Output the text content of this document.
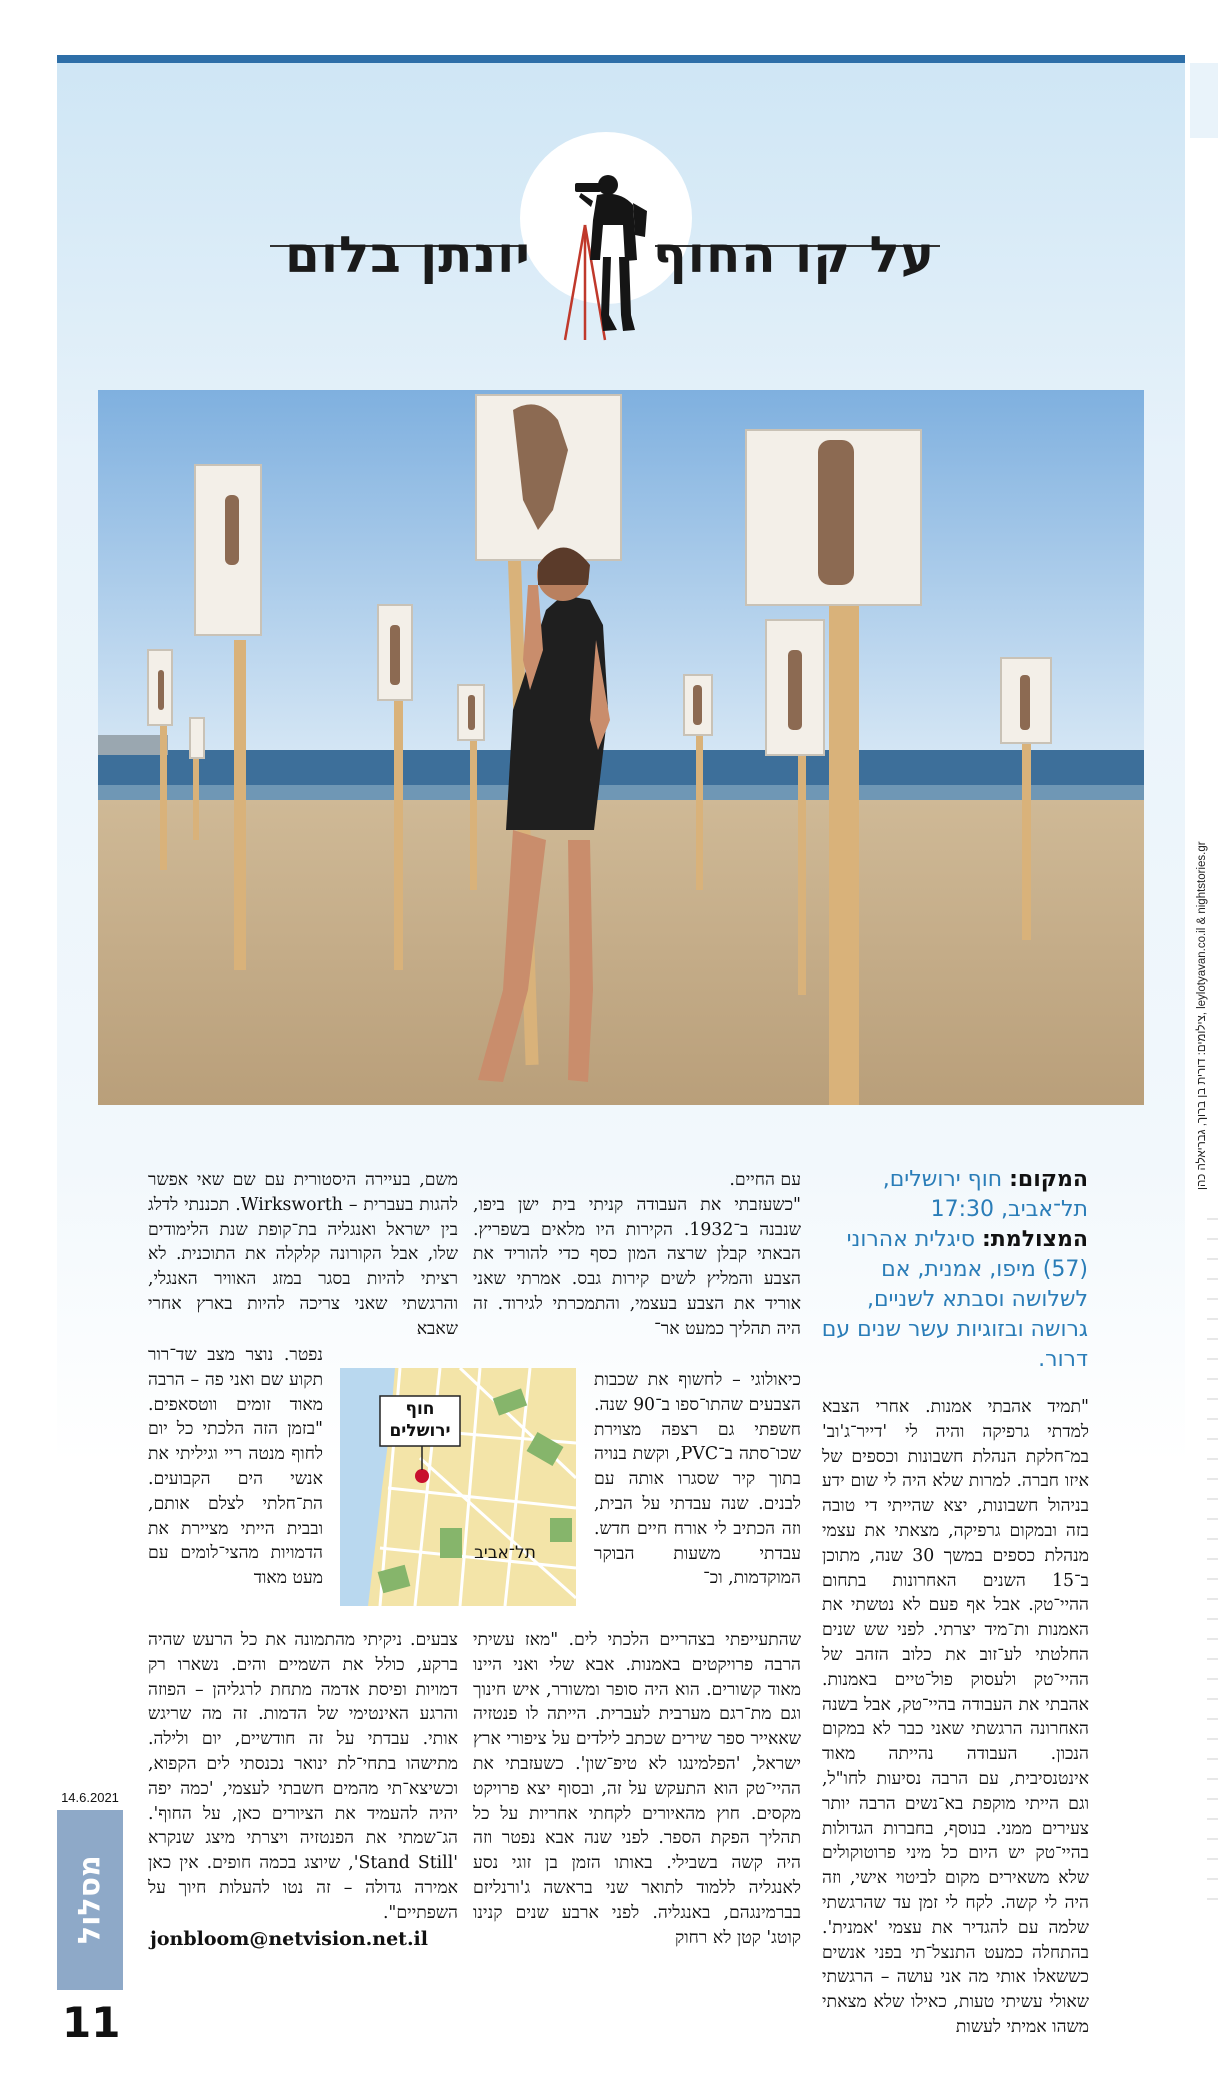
צילומים: דורית בן ברוך, גבריאלה כהן, leylotyavan.co.il & nightstories.gr
יונתן בלום	על קו החוף
המקום: חוף ירושלים, תל־אביב, 17:30
המצולמת: סיגלית אהרוני (57) מיפו, אמנית, אם לשלושה וסבתא לשניים, גרושה ובזוגיות עשר שנים עם דרור.

"תמיד אהבתי אמנות. אחרי הצבא למדתי גרפיקה והיה לי 'דייר־ג'וב' במ־חלקת הנהלת חשבונות וכספים של איזו חברה. למרות שלא היה לי שום ידע בניהול חשבונות, יצא שהייתי די טובה בזה ובמקום גרפיקה, מצאתי את עצמי מנהלת כספים במשך 30 שנה, מתוכן ב־15 השנים האחרונות בתחום ההיי־טק. אבל אף פעם לא נטשתי את האמנות ות־מיד יצרתי. לפני שש שנים החלטתי לע־זוב את כלוב הזהב של ההיי־טק ולעסוק פול־טיים באמנות. אהבתי את העבודה בהיי־טק, אבל בשנה האחרונה הרגשתי שאני כבר לא במקום הנכון. העבודה נהייתה מאוד אינטנסיבית, עם הרבה נסיעות לחו"ל, וגם הייתי מוקפת בא־נשים הרבה יותר צעירים ממני. בנוסף, בחברות הגדולות בהיי־טק יש היום כל מיני פרוטוקולים שלא משאירים מקום לביטוי אישי, וזה היה לי קשה. לקח לי זמן עד שהרגשתי שלמה עם להגדיר את עצמי 'אמנית'. בהתחלה כמעט התנצל־תי בפני אנשים כששאלו אותי מה אני עושה – הרגשתי שאולי עשיתי טעות, כאילו שלא מצאתי משהו אמיתי לעשות

עם החיים.

"כשעזבתי את העבודה קניתי בית ישן ביפו, שנבנה ב־1932. הקירות היו מלאים בשפריץ. הבאתי קבלן שרצה המון כסף כדי להוריד את הצבע והמליץ לשים קירות גבס. אמרתי שאני אוריד את הצבע בעצמי, והתמכרתי לגירוד. זה היה תהליך כמעט אר־

כיאולוגי – לחשוף את שכבות הצבעים שהתו־ספו ב־90 שנה. חשפתי גם רצפה מצוירת שכו־סתה ב־PVC, וקשת בנויה בתוך קיר שסגרו אותה עם לבנים. שנה עבדתי על הבית, וזה הכתיב לי אורח חיים חדש. עבדתי משעות הבוקר המוקדמות, וכ־

שהתעייפתי בצהריים הלכתי לים. "מאז עשיתי הרבה פרויקטים באמנות. אבא שלי ואני היינו מאוד קשורים. הוא היה סופר ומשורר, איש חינוך וגם מת־רגם מערבית לעברית. הייתה לו פנטזיה שאאייר ספר שירים שכתב לילדים על ציפורי ארץ ישראל, 'הפלמינגו לא טיפ־שון'. כשעזבתי את ההיי־טק הוא התעקש על זה, ובסוף יצא פרויקט מקסים. חוץ מהאיורים לקחתי אחריות על כל תהליך הפקת הספר. לפני שנה אבא נפטר וזה היה קשה בשבילי. באותו הזמן בן זוגי נסע לאנגליה ללמוד לתואר שני בראשה ג'ורנליזם בברמינגהם, באנגליה. לפני ארבע שנים קנינו קוטג' קטן לא רחוק

משם, בעיירה היסטורית עם שם שאי אפשר להגות בעברית – Wirksworth. תכננתי לדלג בין ישראל ואנגליה בת־קופת שנת הלימודים שלו, אבל הקורונה קלקלה את התוכנית. לא רציתי להיות בסגר במזג האוויר האנגלי, והרגשתי שאני צריכה להיות בארץ אחרי שאבא

נפטר. נוצר מצב שד־רור תקוע שם ואני פה – הרבה מאוד זומים ווטסאפים. "בזמן הזה הלכתי כל יום לחוף מנטה ריי וגיליתי את אנשי הים הקבועים. הת־חלתי לצלם אותם, ובבית הייתי מציירת את הדמויות מהצי־לומים עם מעט מאוד

צבעים. ניקיתי מהתמונה את כל הרעש שהיה ברקע, כולל את השמיים והים. נשארו רק דמויות ופיסת אדמה מתחת לרגליהן – הפוזה והרגע האינטימי של הדמות. זה מה שריגש אותי. עבדתי על זה חודשיים, יום ולילה. מתישהו בתחי־לת ינואר נכנסתי לים הקפוא, וכשיצא־תי מהמים חשבתי לעצמי, 'כמה יפה יהיה להעמיד את הציורים כאן, על החוף'. הג־שמתי את הפנטזיה ויצרתי מיצג שנקרא 'Stand Still', שיוצג בכמה חופים. אין כאן אמירה גדולה – זה נטו להעלות חיוך על השפתיים".

חוף ירושלים
תל־אביב
14.6.2021
מסלול
11
jonbloom@netvision.net.il
